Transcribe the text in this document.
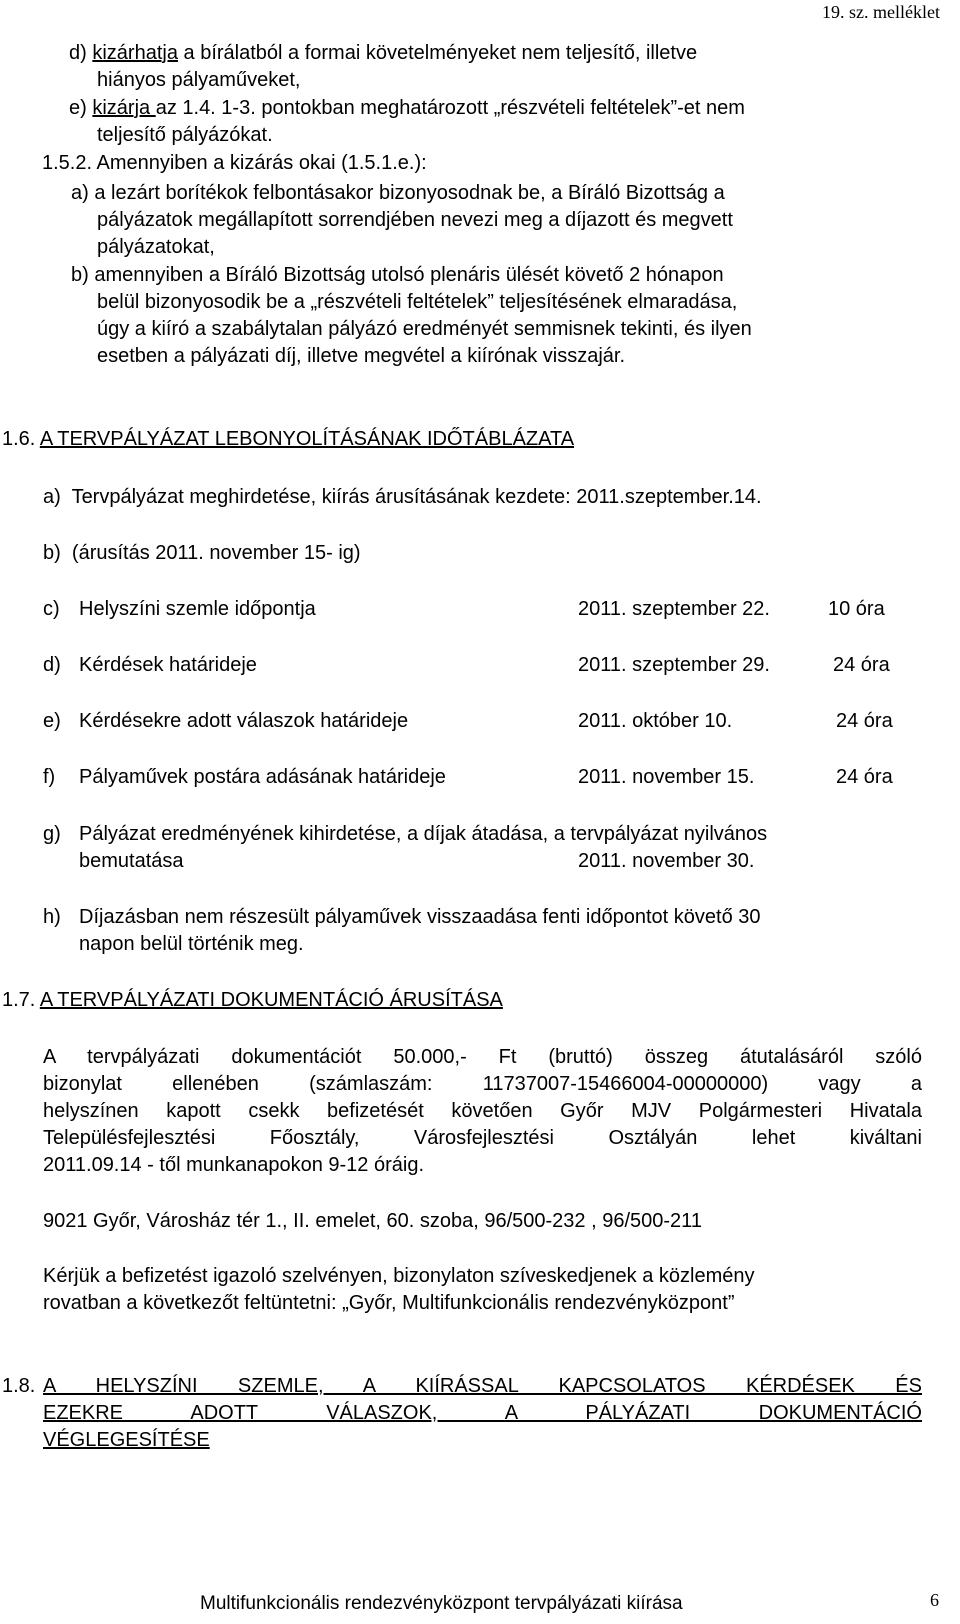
19. sz. melléklet
d) kizárhatja a bírálatból a formai követelményeket nem teljesítő, illetve
hiányos pályaműveket,
e) kizárja az 1.4. 1-3. pontokban meghatározott „részvételi feltételek”-et nem
teljesítő pályázókat.
1.5.2. Amennyiben a kizárás okai (1.5.1.e.):
a) a lezárt borítékok felbontásakor bizonyosodnak be, a Bíráló Bizottság a
pályázatok megállapított sorrendjében nevezi meg a díjazott és megvett
pályázatokat,
b) amennyiben a Bíráló Bizottság utolsó plenáris ülését követő 2 hónapon
belül bizonyosodik be a „részvételi feltételek” teljesítésének elmaradása,
úgy a kiíró a szabálytalan pályázó eredményét semmisnek tekinti, és ilyen
esetben a pályázati díj, illetve megvétel a kiírónak visszajár.
1.6. A TERVPÁLYÁZAT LEBONYOLÍTÁSÁNAK IDŐTÁBLÁZATA
a) Tervpályázat meghirdetése, kiírás árusításának kezdete: 2011.szeptember.14.
b) (árusítás 2011. november 15- ig)
c) Helyszíni szemle időpontja	2011. szeptember 22.	10 óra
d) Kérdések határideje	2011. szeptember 29.	24 óra
e) Kérdésekre adott válaszok határideje	2011. október 10.	24 óra
f) Pályaművek postára adásának határideje	2011. november 15.	24 óra
g) Pályázat eredményének kihirdetése, a díjak átadása, a tervpályázat nyilvános
bemutatása	2011. november 30.
h) Díjazásban nem részesült pályaművek visszaadása fenti időpontot követő 30
napon belül történik meg.
1.7. A TERVPÁLYÁZATI DOKUMENTÁCIÓ ÁRUSÍTÁSA
A tervpályázati dokumentációt 50.000,- Ft (bruttó) összeg átutalásáról szóló
bizonylat ellenében (számlaszám: 11737007-15466004-00000000) vagy a
helyszínen kapott csekk befizetését követően Győr MJV Polgármesteri Hivatala
Településfejlesztési Főosztály, Városfejlesztési Osztályán lehet kiváltani
2011.09.14 - től munkanapokon 9-12 óráig.
9021 Győr, Városház tér 1., II. emelet, 60. szoba, 96/500-232 , 96/500-211
Kérjük a befizetést igazoló szelvényen, bizonylaton szíveskedjenek a közlemény
rovatban a következőt feltüntetni: „Győr, Multifunkcionális rendezvényközpont”
1.8. A HELYSZÍNI SZEMLE, A KIÍRÁSSAL KAPCSOLATOS KÉRDÉSEK ÉS
EZEKRE ADOTT VÁLASZOK, A PÁLYÁZATI DOKUMENTÁCIÓ
VÉGLEGESÍTÉSE
Multifunkcionális rendezvényközpont tervpályázati kiírása	6
